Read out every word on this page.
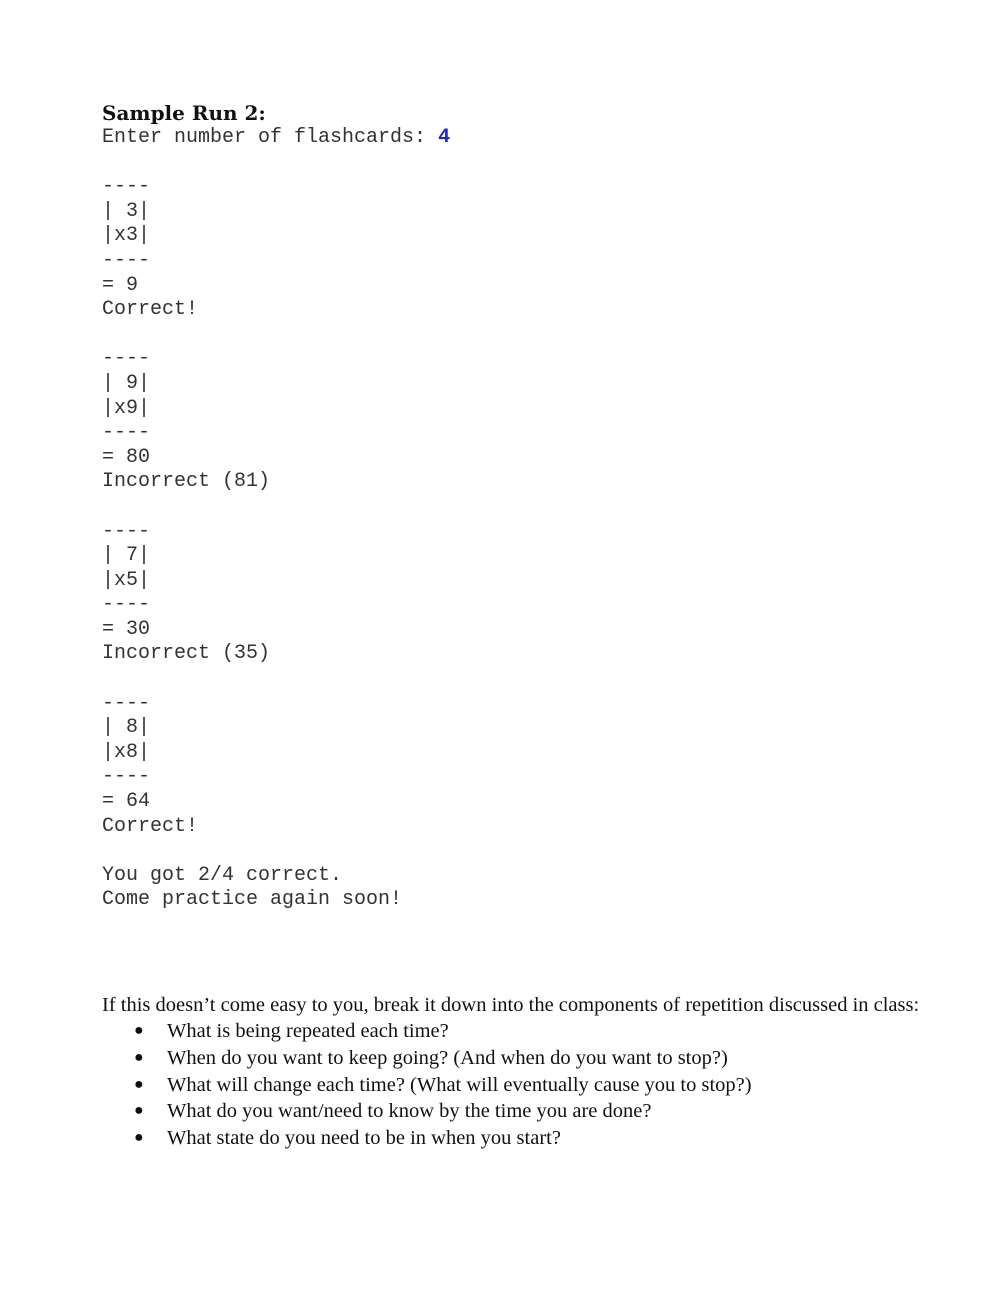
Sample Run 2:
Enter number of flashcards: 4
----
| 3|
|x3|
----
= 9
Correct!
----
| 9|
|x9|
----
= 80
Incorrect (81)
----
| 7|
|x5|
----
= 30
Incorrect (35)
----
| 8|
|x8|
----
= 64
Correct!
You got 2/4 correct.
Come practice again soon!

If this doesn’t come easy to you, break it down into the components of repetition discussed in class:

● What is being repeated each time?
● When do you want to keep going? (And when do you want to stop?)
● What will change each time? (What will eventually cause you to stop?)
● What do you want/need to know by the time you are done?
● What state do you need to be in when you start?
